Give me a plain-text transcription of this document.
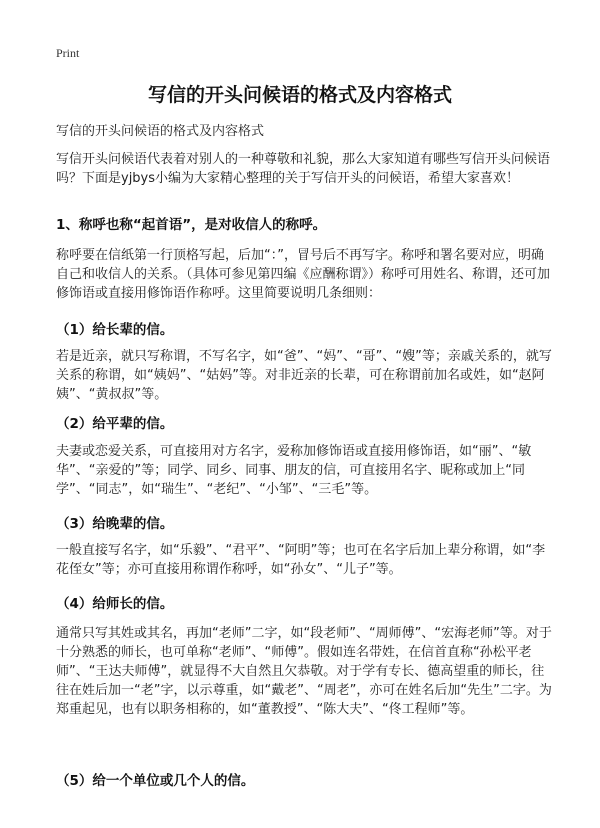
Print
写信的开头问候语的格式及内容格式
写信的开头问候语的格式及内容格式

写信开头问候语代表着对别人的一种尊敬和礼貌，那么大家知道有哪些写信开头问候语吗？下面是yjbys小编为大家精心整理的关于写信开头的问候语，希望大家喜欢！

1、称呼也称“起首语”，是对收信人的称呼。

称呼要在信纸第一行顶格写起，后加“：”，冒号后不再写字。称呼和署名要对应，明确自己和收信人的关系。（具体可参见第四编《应酬称谓》）称呼可用姓名、称谓，还可加修饰语或直接用修饰语作称呼。这里简要说明几条细则：

（1）给长辈的信。

若是近亲，就只写称谓，不写名字，如“爸”、“妈”、“哥”、“嫂”等；亲戚关系的，就写关系的称谓，如“姨妈”、“姑妈”等。对非近亲的长辈，可在称谓前加名或姓，如“赵阿姨”、“黄叔叔”等。

（2）给平辈的信。

夫妻或恋爱关系，可直接用对方名字，爱称加修饰语或直接用修饰语，如“丽”、“敏华”、“亲爱的”等；同学、同乡、同事、朋友的信，可直接用名字、昵称或加上“同学”、“同志”，如“瑞生”、“老纪”、“小邹”、“三毛”等。

（3）给晚辈的信。

一般直接写名字，如“乐毅”、“君平”、“阿明”等；也可在名字后加上辈分称谓，如“李花侄女”等；亦可直接用称谓作称呼，如“孙女”、“儿子”等。

（4）给师长的信。

通常只写其姓或其名，再加“老师”二字，如“段老师”、“周师傅”、“宏海老师”等。对于十分熟悉的师长，也可单称“老师”、“师傅”。假如连名带姓，在信首直称“孙松平老师”、“王达夫师傅”，就显得不大自然且欠恭敬。对于学有专长、德高望重的师长，往往在姓后加一“老”字，以示尊重，如“戴老”、“周老”，亦可在姓名后加“先生”二字。为郑重起见，也有以职务相称的，如“董教授”、“陈大夫”、“佟工程师”等。

（5）给一个单位或几个人的信。
